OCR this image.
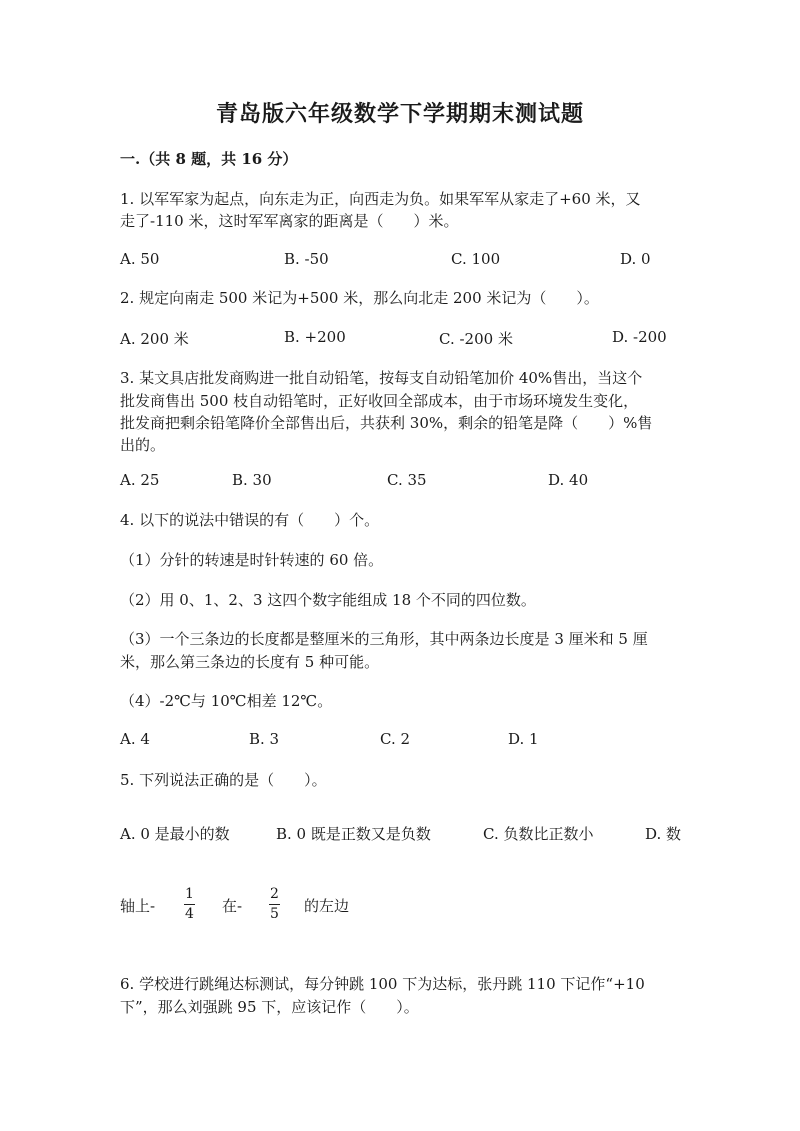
青岛版六年级数学下学期期末测试题
一.（共 8 题，共 16 分）
1. 以军军家为起点，向东走为正，向西走为负。如果军军从家走了+60 米，又
走了-110 米，这时军军离家的距离是（　　）米。
A. 50	B. -50	C. 100	D. 0
2. 规定向南走 500 米记为+500 米，那么向北走 200 米记为（　　）。
A. 200 米	B. +200	C. -200 米	D. -200
3. 某文具店批发商购进一批自动铅笔，按每支自动铅笔加价 40%售出，当这个
批发商售出 500 枝自动铅笔时，正好收回全部成本，由于市场环境发生变化，
批发商把剩余铅笔降价全部售出后，共获利 30%，剩余的铅笔是降（　　）%售
出的。
A. 25	B. 30	C. 35	D. 40
4. 以下的说法中错误的有（　　）个。
（1）分针的转速是时针转速的 60 倍。
（2）用 0、1、2、3 这四个数字能组成 18 个不同的四位数。
（3）一个三条边的长度都是整厘米的三角形，其中两条边长度是 3 厘米和 5 厘
米，那么第三条边的长度有 5 种可能。
（4）-2℃与 10℃相差 12℃。
A. 4	B. 3	C. 2	D. 1
5. 下列说法正确的是（　　）。
A. 0 是最小的数	B. 0 既是正数又是负数	C. 负数比正数小	D. 数
轴上-
1
4 在-
2
5 的左边
6. 学校进行跳绳达标测试，每分钟跳 100 下为达标，张丹跳 110 下记作“+10
下”，那么刘强跳 95 下，应该记作（　　）。
